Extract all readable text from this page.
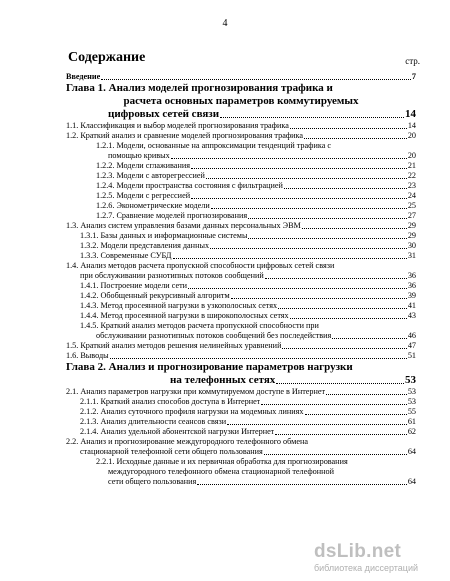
4
Содержание	стр.
Введение	7
Глава 1. Анализ моделей прогнозирования трафика и
расчета основных параметров коммутируемых
цифровых сетей связи	14
1.1. Классификация и выбор моделей прогнозирования трафика	14
1.2. Краткий анализ и сравнение моделей прогнозирования трафика	20
1.2.1. Модели, основанные на аппроксимации тенденций трафика с
помощью кривых	20
1.2.2. Модели сглаживания	21
1.2.3. Модели с авторегрессией	22
1.2.4. Модели пространства состояния с фильтрацией	23
1.2.5. Модели с регрессией	24
1.2.6. Эконометрические модели	25
1.2.7. Сравнение моделей прогнозирования	27
1.3. Анализ систем управления базами данных персональных ЭВМ	29
1.3.1. Базы данных и информационные системы	29
1.3.2. Модели представления данных	30
1.3.3. Современные СУБД	31
1.4. Анализ методов расчета пропускной способности цифровых сетей связи
при обслуживании разнотипных потоков сообщений	36
1.4.1. Построение модели сети	36
1.4.2. Обобщенный рекурсивный алгоритм	39
1.4.3. Метод просеянной нагрузки в узкополосных сетях	41
1.4.4. Метод просеянной нагрузки в широкополосных сетях	43
1.4.5. Краткий анализ методов расчета пропускной способности при
обслуживании разнотипных потоков сообщений без последействия	46
1.5. Краткий анализ методов решения нелинейных уравнений	47
1.6. Выводы	51
Глава 2. Анализ и прогнозирование параметров нагрузки
на телефонных сетях	53
2.1. Анализ параметров нагрузки при коммутируемом доступе в Интернет	53
2.1.1. Краткий анализ способов доступа в Интернет	53
2.1.2. Анализ суточного профиля нагрузки на модемных линиях	55
2.1.3. Анализ длительности сеансов связи	61
2.1.4. Анализ удельной абонентской нагрузки Интернет	62
2.2. Анализ и прогнозирование междугородного телефонного обмена
стационарной телефонной сети общего пользования	64
2.2.1. Исходные данные и их первичная обработка для прогнозирования
междугородного телефонного обмена стационарной телефонной
сети общего пользования	64
dsLib.net
библиотека диссертаций
